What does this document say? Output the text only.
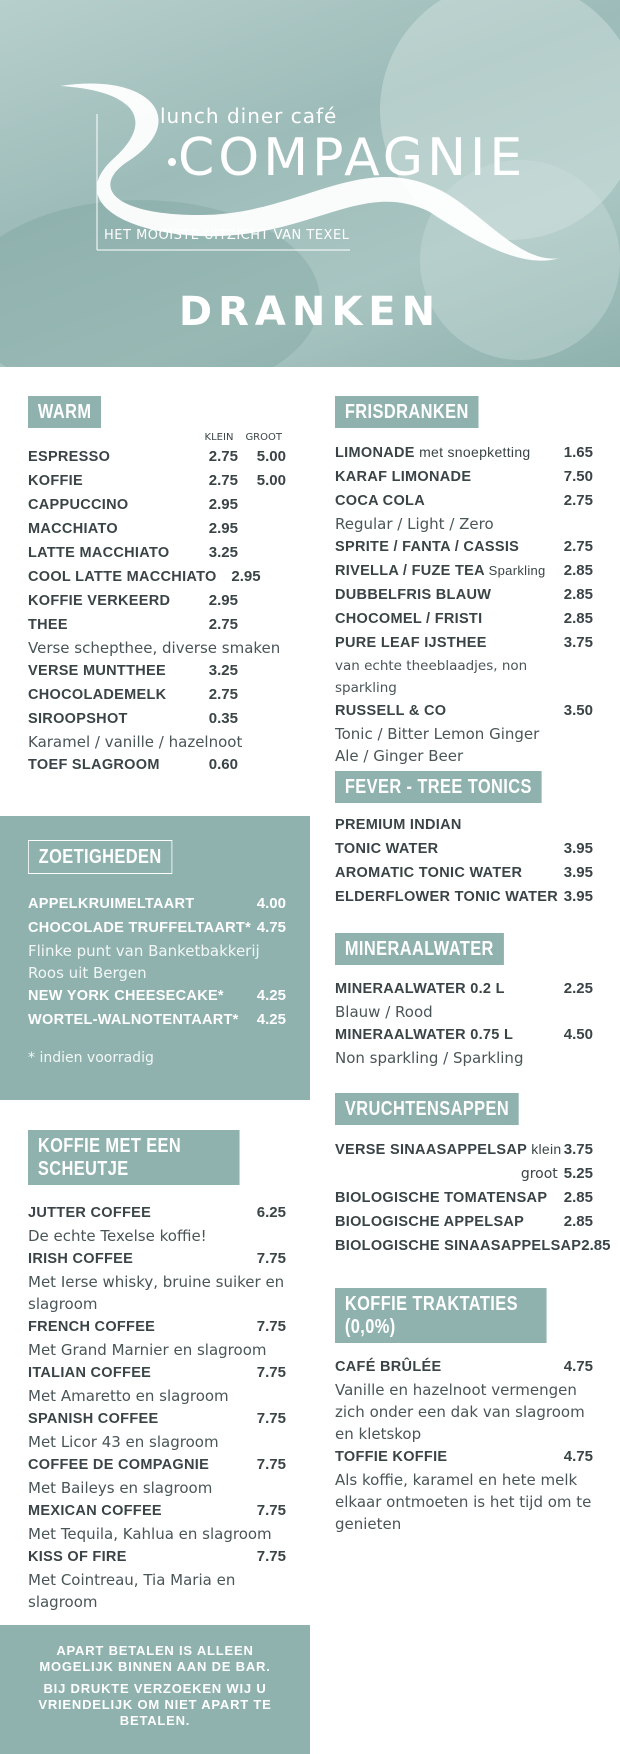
lunch diner café
COMPAGNIE
HET MOOISTE UITZICHT VAN TEXEL
DRANKEN
WARM
KLEIN GROOT
ESPRESSO	2.75	5.00
KOFFIE	2.75	5.00
CAPPUCCINO	2.95
MACCHIATO	2.95
LATTE MACCHIATO	3.25
COOL LATTE MACCHIATO 2.95
KOFFIE VERKEERD	2.95
THEE	2.75
Verse schepthee, diverse smaken
VERSE MUNTTHEE	3.25
CHOCOLADEMELK	2.75
SIROOPSHOT	0.35
Karamel / vanille / hazelnoot
TOEF SLAGROOM	0.60
ZOETIGHEDEN
APPELKRUIMELTAART	4.00
CHOCOLADE TRUFFELTAART* 4.75
Flinke punt van Banketbakkerij Roos uit Bergen
NEW YORK CHEESECAKE* 4.25
WORTEL-WALNOTENTAART* 4.25
* indien voorradig
KOFFIE MET EEN SCHEUTJE
JUTTER COFFEE	6.25
De echte Texelse koffie!
IRISH COFFEE	7.75
Met Ierse whisky, bruine suiker en slagroom
FRENCH COFFEE	7.75
Met Grand Marnier en slagroom
ITALIAN COFFEE	7.75
Met Amaretto en slagroom
SPANISH COFFEE	7.75
Met Licor 43 en slagroom
COFFEE DE COMPAGNIE	7.75
Met Baileys en slagroom
MEXICAN COFFEE	7.75
Met Tequila, Kahlua en slagroom
KISS OF FIRE	7.75
Met Cointreau, Tia Maria en slagroom

APART BETALEN IS ALLEEN MOGELIJK BINNEN AAN DE BAR.

BIJ DRUKTE VERZOEKEN WIJ U VRIENDELIJK OM NIET APART TE BETALEN.

FRISDRANKEN
LIMONADE met snoepketting 1.65
KARAF LIMONADE	7.50
COCA COLA	2.75
Regular / Light / Zero
SPRITE / FANTA / CASSIS	2.75
RIVELLA / FUZE TEA Sparkling 2.85
DUBBELFRIS BLAUW	2.85
CHOCOMEL / FRISTI	2.85
PURE LEAF IJSTHEE	3.75
van echte theeblaadjes, non sparkling
RUSSELL & CO	3.50
Tonic / Bitter Lemon Ginger Ale / Ginger Beer
FEVER - TREE TONICS
PREMIUM INDIAN
TONIC WATER	3.95
AROMATIC TONIC WATER	3.95
ELDERFLOWER TONIC WATER 3.95
MINERAALWATER
MINERAALWATER 0.2 L	2.25
Blauw / Rood
MINERAALWATER 0.75 L	4.50
Non sparkling / Sparkling
VRUCHTENSAPPEN
VERSE SINAASAPPELSAP klein 3.75
groot 5.25
BIOLOGISCHE TOMATENSAP 2.85
BIOLOGISCHE APPELSAP	2.85
BIOLOGISCHE SINAASAPPELSAP 2.85
KOFFIE TRAKTATIES (0,0%)
CAFÉ BRÛLÉE	4.75
Vanille en hazelnoot vermengen zich onder een dak van slagroom en kletskop
TOFFIE KOFFIE	4.75
Als koffie, karamel en hete melk elkaar ontmoeten is het tijd om te genieten
